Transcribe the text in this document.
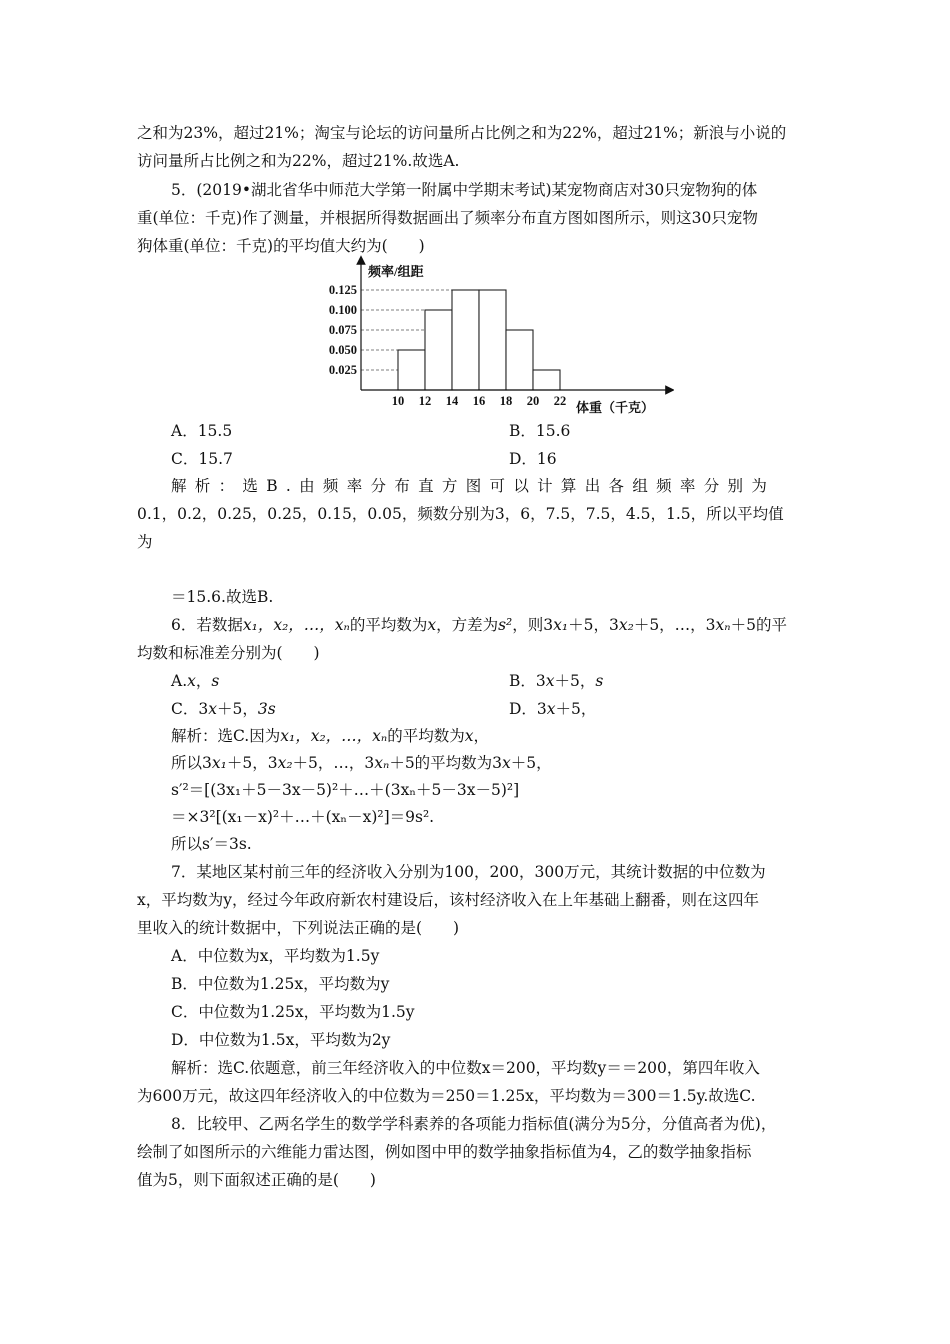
之和为23%，超过21%；淘宝与论坛的访问量所占比例之和为22%，超过21%；新浪与小说的
访问量所占比例之和为22%，超过21%.故选A.
5．(2019•湖北省华中师范大学第一附属中学期末考试)某宠物商店对30只宠物狗的体
重(单位：千克)作了测量，并根据所得数据画出了频率分布直方图如图所示，则这30只宠物
狗体重(单位：千克)的平均值大约为(　　)
0.125
0.100
0.075
0.050
0.025
10 12 14 16 18 20 22
频率/组距
体重（千克）
A．15.5	B．15.6
C．15.7	D．16
解析：选B.由频率分布直方图可以计算出各组频率分别为
0.1，0.2，0.25，0.25，0.15，0.05，频数分别为3，6，7.5，7.5，4.5，1.5，所以平均值
为
＝15.6.故选B.
6．若数据x₁，x₂，…，xₙ的平均数为x，方差为s²，则3x₁＋5，3x₂＋5，…，3xₙ＋5的平
均数和标准差分别为(　　)
A.x，s	B．3x＋5，s
C．3x＋5，3s	D．3x＋5，
解析：选C.因为x₁，x₂，…，xₙ的平均数为x，
所以3x₁＋5，3x₂＋5，…，3xₙ＋5的平均数为3x＋5，
s′²＝[(3x₁＋5－3x－5)²＋…＋(3xₙ＋5－3x－5)²]
＝×3²[(x₁－x)²＋…＋(xₙ－x)²]＝9s².
所以s′＝3s.
7．某地区某村前三年的经济收入分别为100，200，300万元，其统计数据的中位数为
x，平均数为y，经过今年政府新农村建设后，该村经济收入在上年基础上翻番，则在这四年
里收入的统计数据中，下列说法正确的是(　　)
A．中位数为x，平均数为1.5y
B．中位数为1.25x，平均数为y
C．中位数为1.25x，平均数为1.5y
D．中位数为1.5x，平均数为2y
解析：选C.依题意，前三年经济收入的中位数x＝200，平均数y＝＝200，第四年收入
为600万元，故这四年经济收入的中位数为＝250＝1.25x，平均数为＝300＝1.5y.故选C.
8．比较甲、乙两名学生的数学学科素养的各项能力指标值(满分为5分，分值高者为优)，
绘制了如图所示的六维能力雷达图，例如图中甲的数学抽象指标值为4，乙的数学抽象指标
值为5，则下面叙述正确的是(　　)
